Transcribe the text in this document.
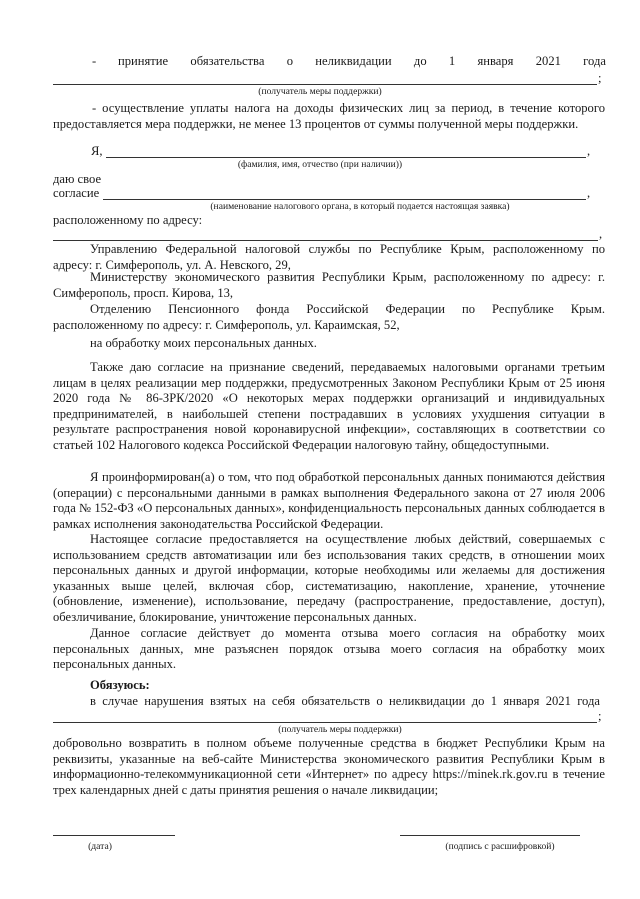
- принятие обязательства о неликвидации до 1 января 2021 года
;
(получатель меры поддержки)
- осуществление уплаты налога на доходы физических лиц за период, в течение которого
предоставляется мера поддержки, не менее 13 процентов от суммы полученной меры поддержки.
Я,	,
(фамилия, имя, отчество (при наличии))
даю свое
согласие	,
(наименование налогового органа, в который подается настоящая заявка)
расположенному по адресу:
,
Управлению Федеральной налоговой службы по Республике Крым, расположенному по
адресу: г. Симферополь, ул. А. Невского, 29,
Министерству экономического развития Республики Крым, расположенному по адресу: г.
Симферополь, просп. Кирова, 13,
Отделению Пенсионного фонда Российской Федерации по Республике Крым.
расположенному по адресу: г. Симферополь, ул. Караимская, 52,
на обработку моих персональных данных.
Также даю согласие на признание сведений, передаваемых налоговыми органами третьим лицам в целях реализации мер поддержки, предусмотренных Законом Республики Крым от 25 июня 2020 года № 86-ЗРК/2020 «О некоторых мерах поддержки организаций и индивидуальных предпринимателей, в наибольшей степени пострадавших в условиях ухудшения ситуации в результате распространения новой коронавирусной инфекции», составляющих в соответствии со статьей 102 Налогового кодекса Российской Федерации налоговую тайну, общедоступными.
Я проинформирован(а) о том, что под обработкой персональных данных понимаются действия (операции) с персональными данными в рамках выполнения Федерального закона от 27 июля 2006 года № 152-ФЗ «О персональных данных», конфиденциальность персональных данных соблюдается в рамках исполнения законодательства Российской Федерации.
Настоящее согласие предоставляется на осуществление любых действий, совершаемых с использованием средств автоматизации или без использования таких средств, в отношении моих персональных данных и другой информации, которые необходимы или желаемы для достижения указанных выше целей, включая сбор, систематизацию, накопление, хранение, уточнение (обновление, изменение), использование, передачу (распространение, предоставление, доступ), обезличивание, блокирование, уничтожение персональных данных.
Данное согласие действует до момента отзыва моего согласия на обработку моих персональных данных, мне разъяснен порядок отзыва моего согласия на обработку моих персональных данных.
Обязуюсь:
в случае нарушения взятых на себя обязательств о неликвидации до 1 января 2021 года
;
(получатель меры поддержки)
добровольно возвратить в полном объеме полученные средства в бюджет Республики Крым на реквизиты, указанные на веб-сайте Министерства экономического развития Республики Крым в информационно-телекоммуникационной сети «Интернет» по адресу https://minek.rk.gov.ru в течение трех календарных дней с даты принятия решения о начале ликвидации;
(дата)	(подпись с расшифровкой)
